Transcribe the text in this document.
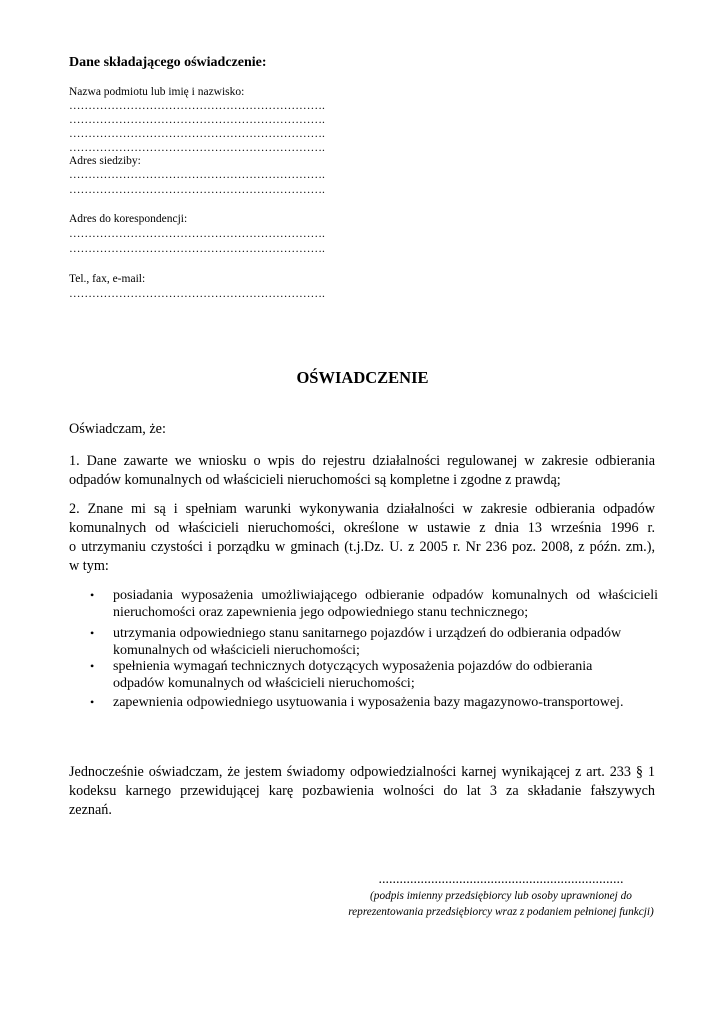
Dane składającego oświadczenie:
Nazwa podmiotu lub imię i nazwisko:
………………………………………………………….
………………………………………………………….
………………………………………………………….
………………………………………………………….
Adres siedziby:
………………………………………………………….
………………………………………………………….
Adres do korespondencji:
………………………………………………………….
………………………………………………………….
Tel., fax, e-mail:
………………………………………………………….
OŚWIADCZENIE
Oświadczam, że:
1. Dane zawarte we wniosku o wpis do rejestru działalności regulowanej w zakresie odbierania
odpadów komunalnych od właścicieli nieruchomości są kompletne i zgodne z prawdą;
2. Znane mi są i spełniam warunki wykonywania działalności w zakresie odbierania odpadów
komunalnych od właścicieli nieruchomości, określone w ustawie z dnia 13 września 1996 r.
o utrzymaniu czystości i porządku w gminach (t.j.Dz. U. z 2005 r. Nr 236 poz. 2008, z późn. zm.),
w tym:
• posiadania wyposażenia umożliwiającego odbieranie odpadów komunalnych od właścicieli
nieruchomości oraz zapewnienia jego odpowiedniego stanu technicznego;
• utrzymania odpowiedniego stanu sanitarnego pojazdów i urządzeń do odbierania odpadów
komunalnych od właścicieli nieruchomości;
• spełnienia wymagań technicznych dotyczących wyposażenia pojazdów do odbierania
odpadów komunalnych od właścicieli nieruchomości;
• zapewnienia odpowiedniego usytuowania i wyposażenia bazy magazynowo-transportowej.
Jednocześnie oświadczam, że jestem świadomy odpowiedzialności karnej wynikającej z art. 233 § 1
kodeksu karnego przewidującej karę pozbawienia wolności do lat 3 za składanie fałszywych
zeznań.
......................................................................
(podpis imienny przedsiębiorcy lub osoby uprawnionej do reprezentowania przedsiębiorcy wraz z podaniem pełnionej funkcji)
